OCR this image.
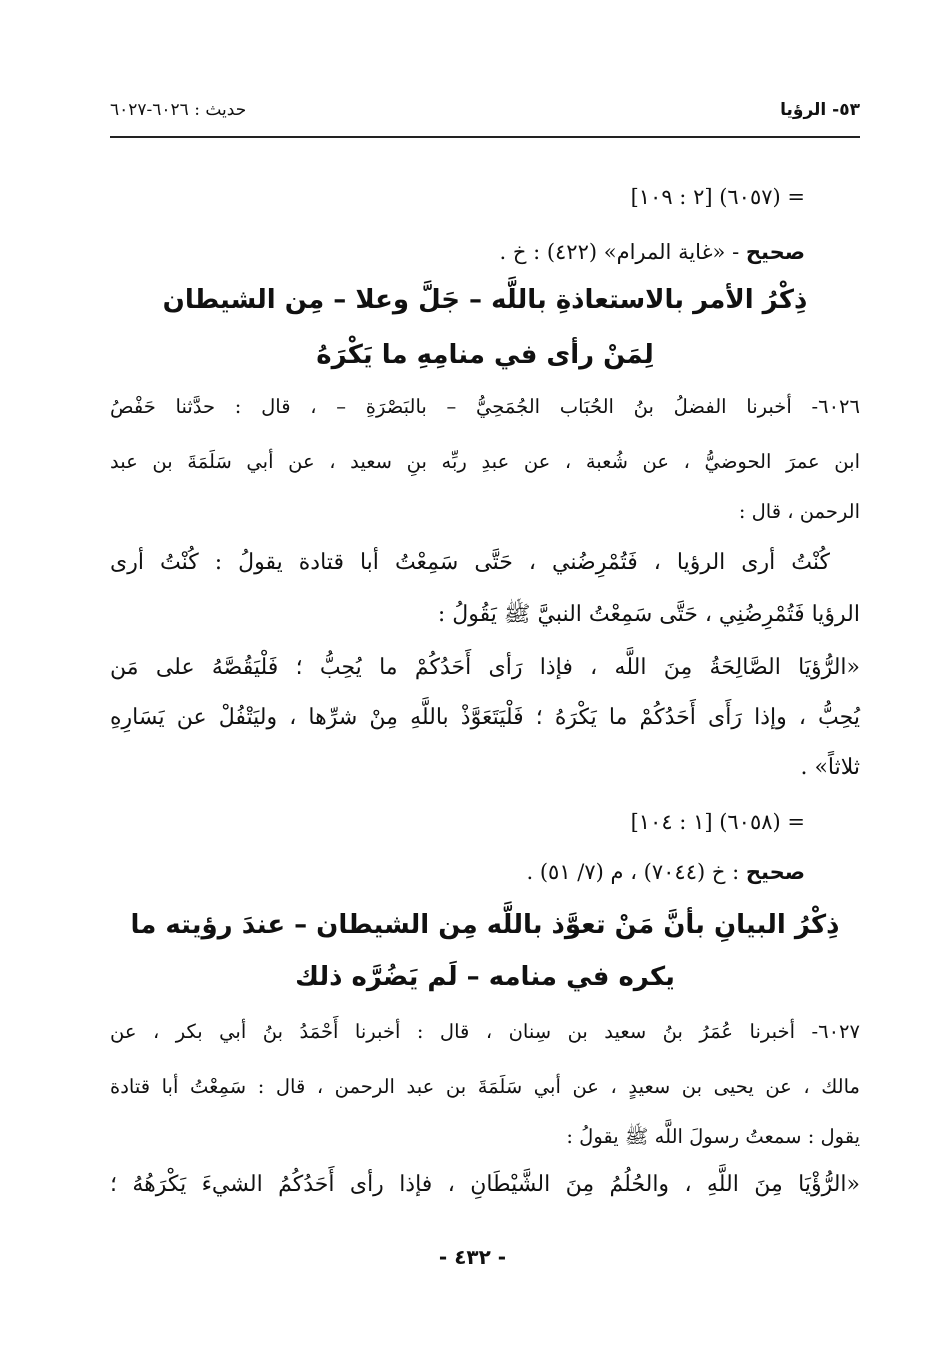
٥٣- الرؤيا
حديث : ٦٠٢٦-٦٠٢٧
= (٦٠٥٧) [٢ : ١٠٩]
صحيح - «غاية المرام» (٤٢٢) : خ .
ذِكْرُ الأمر بالاستعاذةِ باللَّه – جَلَّ وعلا – مِن الشيطان
لِمَنْ رأى في منامِهِ ما يَكْرَهُ
٦٠٢٦- أخبرنا الفضلُ بنُ الحُبَاب الجُمَحِيُّ – بالبَصْرَةِ – ، قال : حدَّثنا حَفْصُ
ابن عمرَ الحوضيُّ ، عن شُعبة ، عن عبدِ ربِّه بنِ سعيد ، عن أبي سَلَمَةَ بن عبد
الرحمن ، قال :
كُنْتُ أرى الرؤيا ، فَتُمْرِضُني ، حَتَّى سَمِعْتُ أبا قتادة يقولُ : كُنْتُ أرى
الرؤيا فَتُمْرِضُنِي ، حَتَّى سَمِعْتُ النبيَّ ﷺ يَقُولُ :
«الرُّؤيَا الصَّالِحَةُ مِنَ اللَّه ، فإذا رَأى أَحَدُكُمْ ما يُحِبُّ ؛ فَلْيَقُصَّهُ على مَن
يُحِبُّ ، وإذا رَأَى أَحَدُكُمْ ما يَكْرَهُ ؛ فَلْيَتَعَوَّذْ باللَّهِ مِنْ شرِّها ، وليَتْفُلْ عن يَسَارِهِ
ثلاثاً» .
= (٦٠٥٨) [١ : ١٠٤]
صحيح : خ (٧٠٤٤) ، م (٧/ ٥١) .
ذِكْرُ البيانِ بأنَّ مَنْ تعوَّذ باللَّه مِن الشيطان – عندَ رؤيته ما
يكره في منامه – لَم يَضُرَّه ذلك
٦٠٢٧- أخبرنا عُمَرُ بنُ سعيد بن سِنان ، قال : أخبرنا أَحْمَدُ بنُ أبي بكر ، عن
مالك ، عن يحيى بن سعيدٍ ، عن أبي سَلَمَةَ بن عبد الرحمن ، قال : سَمِعْتُ أبا قتادة
يقول : سمعتُ رسولَ اللَّه ﷺ يقولُ :
«الرُّؤْيَا مِنَ اللَّهِ ، والحُلُمُ مِنَ الشَّيْطَانِ ، فإذا رأى أَحَدُكُمُ الشيءَ يَكْرَهُهُ ؛
- ٤٣٢ -
